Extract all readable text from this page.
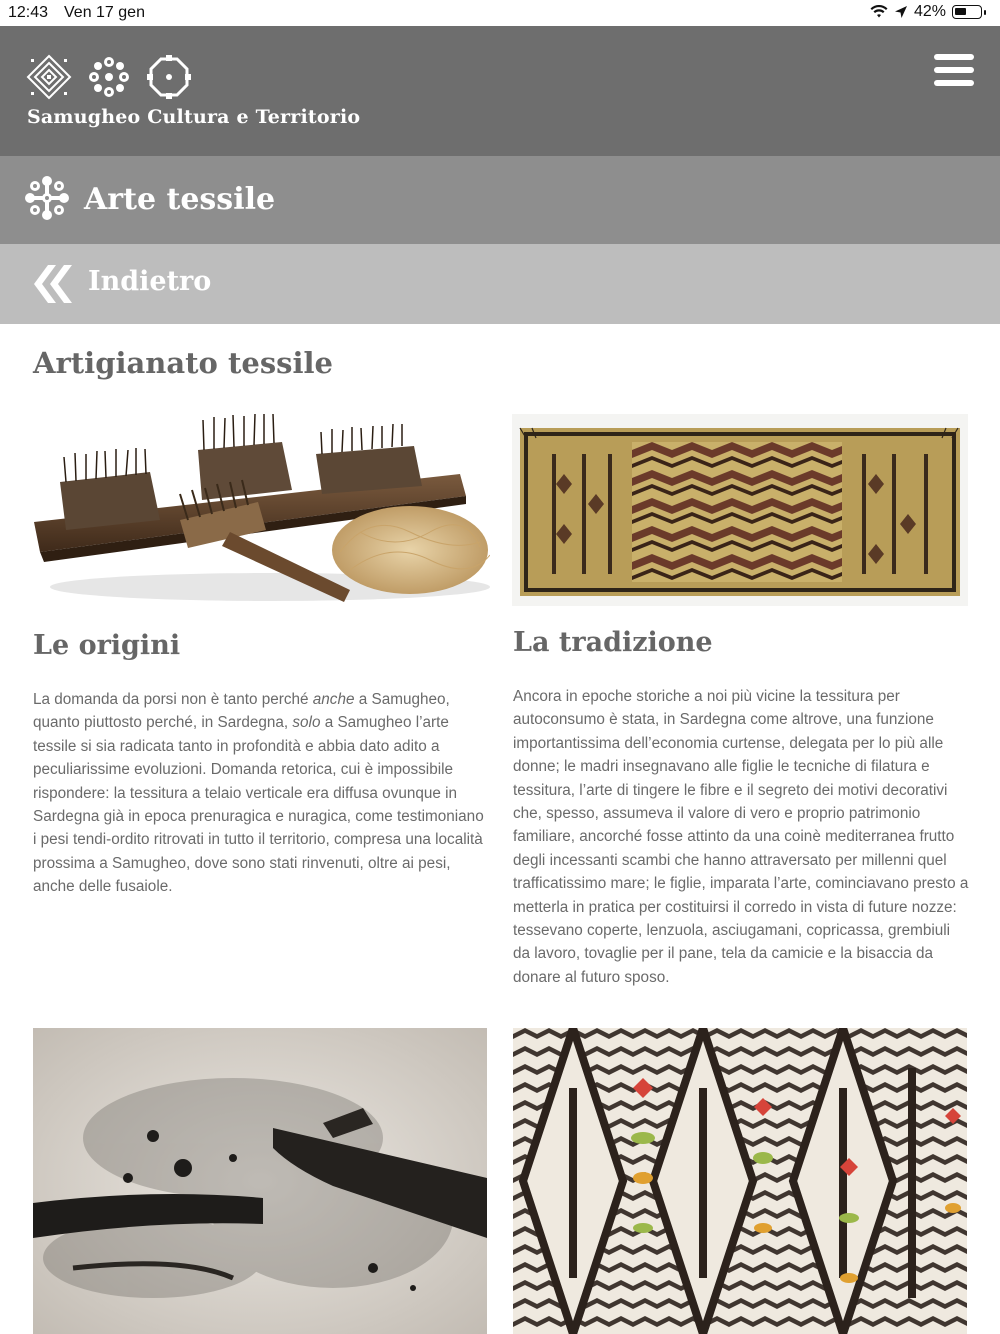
12:43 Ven 17 gen	42%
Samugheo Cultura e Territorio
Arte tessile
Indietro
Artigianato tessile
Le origini	La tradizione

La domanda da porsi non è tanto perché anche a Samugheo, quanto piuttosto perché, in Sardegna, solo a Samugheo l’arte tessile si sia radicata tanto in profondità e abbia dato adito a peculiarissime evoluzioni. Domanda retorica, cui è impossibile rispondere: la tessitura a telaio verticale era diffusa ovunque in Sardegna già in epoca prenuragica e nuragica, come testimoniano i pesi tendi-ordito ritrovati in tutto il territorio, compresa una località prossima a Samugheo, dove sono stati rinvenuti, oltre ai pesi, anche delle fusaiole.

Ancora in epoche storiche a noi più vicine la tessitura per autoconsumo è stata, in Sardegna come altrove, una funzione importantissima dell’economia curtense, delegata per lo più alle donne; le madri insegnavano alle figlie le tecniche di filatura e tessitura, l’arte di tingere le fibre e il segreto dei motivi decorativi che, spesso, assumeva il valore di vero e proprio patrimonio familiare, ancorché fosse attinto da una coinè mediterranea frutto degli incessanti scambi che hanno attraversato per millenni quel trafficatissimo mare; le figlie, imparata l’arte, cominciavano presto a metterla in pratica per costituirsi il corredo in vista di future nozze: tessevano coperte, lenzuola, asciugamani, copricassa, grembiuli da lavoro, tovaglie per il pane, tela da camicie e la bisaccia da donare al futuro sposo.
